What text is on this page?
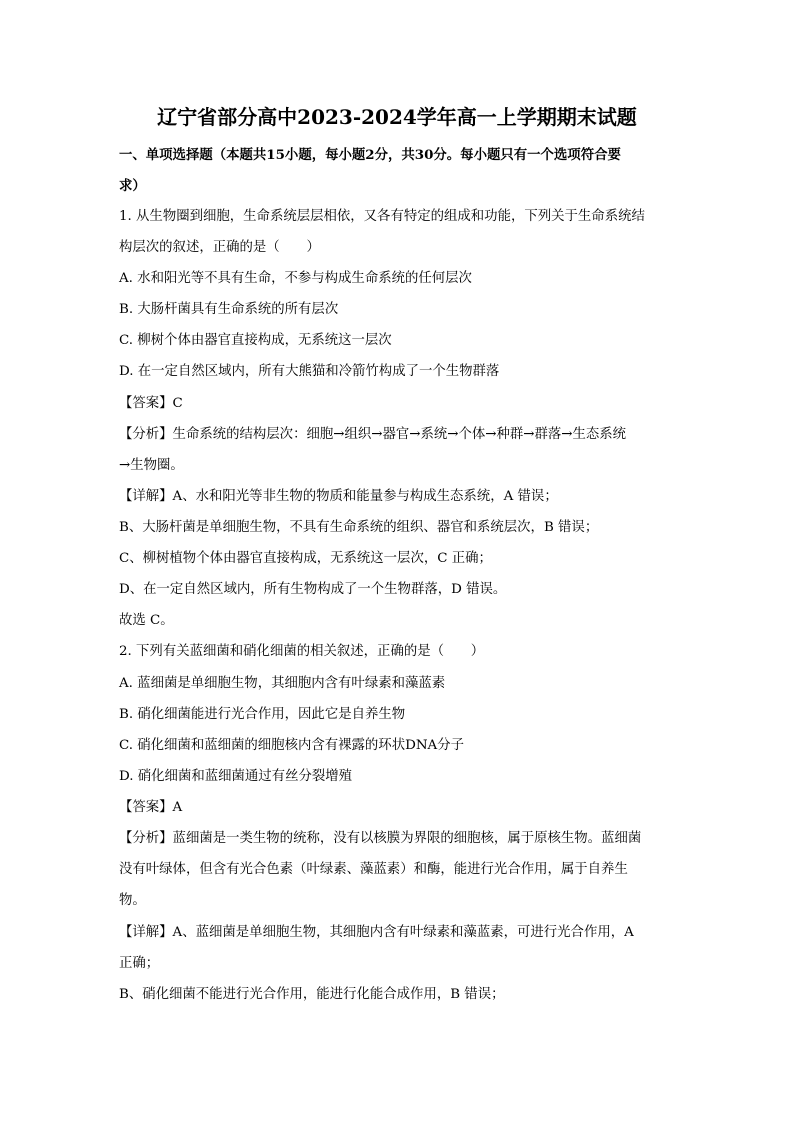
辽宁省部分高中2023-2024学年高一上学期期末试题
一、单项选择题（本题共15小题，每小题2分，共30分。每小题只有一个选项符合要
求）
1. 从生物圈到细胞，生命系统层层相依，又各有特定的组成和功能，下列关于生命系统结
构层次的叙述，正确的是（　　）
A. 水和阳光等不具有生命，不参与构成生命系统的任何层次
B. 大肠杆菌具有生命系统的所有层次
C. 柳树个体由器官直接构成，无系统这一层次
D. 在一定自然区域内，所有大熊猫和冷箭竹构成了一个生物群落
【答案】C
【分析】生命系统的结构层次：细胞→组织→器官→系统→个体→种群→群落→生态系统
→生物圈。
【详解】A、水和阳光等非生物的物质和能量参与构成生态系统，A 错误；
B、大肠杆菌是单细胞生物，不具有生命系统的组织、器官和系统层次，B 错误；
C、柳树植物个体由器官直接构成，无系统这一层次，C 正确；
D、在一定自然区域内，所有生物构成了一个生物群落，D 错误。
故选 C。
2. 下列有关蓝细菌和硝化细菌的相关叙述，正确的是（　　）
A. 蓝细菌是单细胞生物，其细胞内含有叶绿素和藻蓝素
B. 硝化细菌能进行光合作用，因此它是自养生物
C. 硝化细菌和蓝细菌的细胞核内含有裸露的环状DNA分子
D. 硝化细菌和蓝细菌通过有丝分裂增殖
【答案】A
【分析】蓝细菌是一类生物的统称，没有以核膜为界限的细胞核，属于原核生物。蓝细菌
没有叶绿体，但含有光合色素（叶绿素、藻蓝素）和酶，能进行光合作用，属于自养生
物。
【详解】A、蓝细菌是单细胞生物，其细胞内含有叶绿素和藻蓝素，可进行光合作用，A
正确；
B、硝化细菌不能进行光合作用，能进行化能合成作用，B 错误；
